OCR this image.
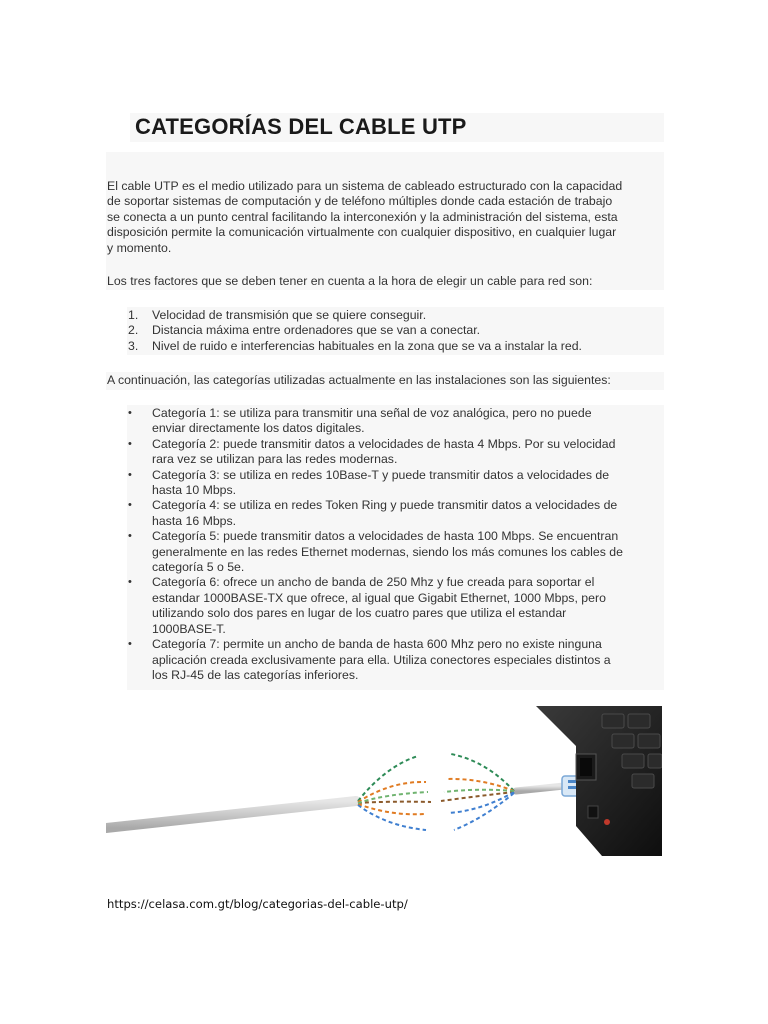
CATEGORÍAS DEL CABLE UTP
El cable UTP es el medio utilizado para un sistema de cableado estructurado con la capacidad
de soportar sistemas de computación y de teléfono múltiples donde cada estación de trabajo
se conecta a un punto central facilitando la interconexión y la administración del sistema, esta
disposición permite la comunicación virtualmente con cualquier dispositivo, en cualquier lugar
y momento.
Los tres factores que se deben tener en cuenta a la hora de elegir un cable para red son:
1. Velocidad de transmisión que se quiere conseguir.
2. Distancia máxima entre ordenadores que se van a conectar.
3. Nivel de ruido e interferencias habituales en la zona que se va a instalar la red.
A continuación, las categorías utilizadas actualmente en las instalaciones son las siguientes:
• Categoría 1: se utiliza para transmitir una señal de voz analógica, pero no puede
enviar directamente los datos digitales.
• Categoría 2: puede transmitir datos a velocidades de hasta 4 Mbps. Por su velocidad
rara vez se utilizan para las redes modernas.
• Categoría 3: se utiliza en redes 10Base-T y puede transmitir datos a velocidades de
hasta 10 Mbps.
• Categoría 4: se utiliza en redes Token Ring y puede transmitir datos a velocidades de
hasta 16 Mbps.
• Categoría 5: puede transmitir datos a velocidades de hasta 100 Mbps. Se encuentran
generalmente en las redes Ethernet modernas, siendo los más comunes los cables de
categoría 5 o 5e.
• Categoría 6: ofrece un ancho de banda de 250 Mhz y fue creada para soportar el
estandar 1000BASE-TX que ofrece, al igual que Gigabit Ethernet, 1000 Mbps, pero
utilizando solo dos pares en lugar de los cuatro pares que utiliza el estandar
1000BASE-T.
• Categoría 7: permite un ancho de banda de hasta 600 Mhz pero no existe ninguna
aplicación creada exclusivamente para ella. Utiliza conectores especiales distintos a
los RJ-45 de las categorías inferiores.
https://celasa.com.gt/blog/categorias-del-cable-utp/
